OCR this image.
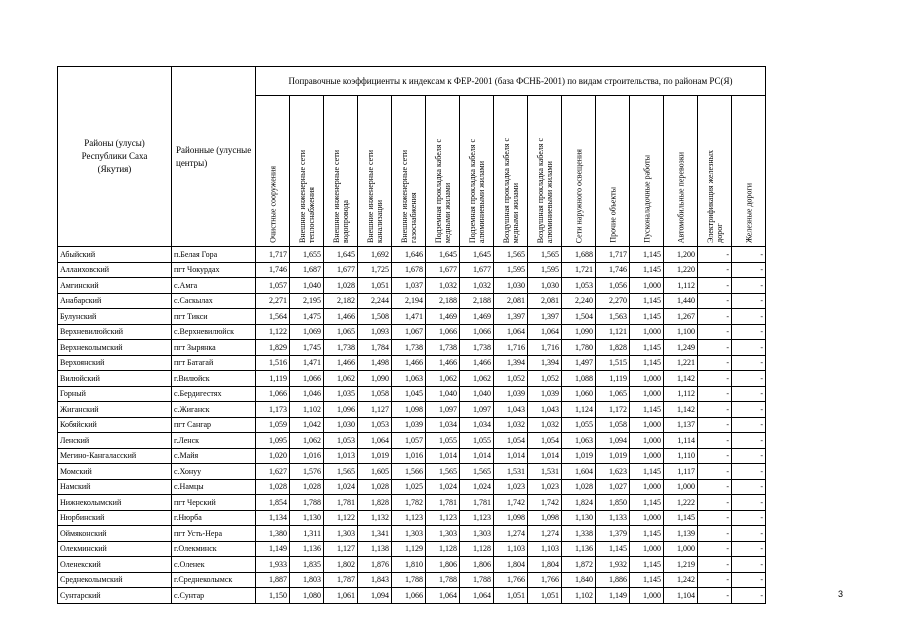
Районы (улусы)
Республики Саха
(Якутия)	Районные (улусные
центры)	Поправочные коэффициенты к индексам к ФЕР-2001 (база ФСНБ-2001) по видам строительства, по районам РС(Я)														

		Очистные сооружения	Внешние инженерные сети
теплоснабжения	Внешние инженерные сети
водопровода	Внешние инженерные сети
канализации	Внешние инженерные сети
газоснабжения	Подземная прокладка кабеля с
медными жилами	Подземная прокладка кабеля с
алюминиевыми жилами	Воздушная прокладка кабеля с
медными жилами	Воздушная прокладка кабеля с
алюминиевыми жилами	Сети наружного освещения	Прочие объекты	Пусконаладочные работы	Автомобильные перевозки	Электрификация железных
дорог	Железные дороги

Абыйский	п.Белая Гора	1,717	1,655	1,645	1,692	1,646	1,645	1,645	1,565	1,565	1,688	1,717	1,145	1,200	-	-
Аллаиховский	пгт Чокурдах	1,746	1,687	1,677	1,725	1,678	1,677	1,677	1,595	1,595	1,721	1,746	1,145	1,220	-	-
Амгинский	с.Амга	1,057	1,040	1,028	1,051	1,037	1,032	1,032	1,030	1,030	1,053	1,056	1,000	1,112	-	-
Анабарский	с.Саскылах	2,271	2,195	2,182	2,244	2,194	2,188	2,188	2,081	2,081	2,240	2,270	1,145	1,440	-	-
Булунский	пгт Тикси	1,564	1,475	1,466	1,508	1,471	1,469	1,469	1,397	1,397	1,504	1,563	1,145	1,267	-	-
Верхневилюйский	с.Верхневилюйск	1,122	1,069	1,065	1,093	1,067	1,066	1,066	1,064	1,064	1,090	1,121	1,000	1,100	-	-
Верхнеколымский	пгт Зырянка	1,829	1,745	1,738	1,784	1,738	1,738	1,738	1,716	1,716	1,780	1,828	1,145	1,249	-	-
Верхоянский	пгт Батагай	1,516	1,471	1,466	1,498	1,466	1,466	1,466	1,394	1,394	1,497	1,515	1,145	1,221	-	-
Вилюйский	г.Вилюйск	1,119	1,066	1,062	1,090	1,063	1,062	1,062	1,052	1,052	1,088	1,119	1,000	1,142	-	-
Горный	с.Бердигестях	1,066	1,046	1,035	1,058	1,045	1,040	1,040	1,039	1,039	1,060	1,065	1,000	1,112	-	-
Жиганский	с.Жиганск	1,173	1,102	1,096	1,127	1,098	1,097	1,097	1,043	1,043	1,124	1,172	1,145	1,142	-	-
Кобяйский	пгт Сангар	1,059	1,042	1,030	1,053	1,039	1,034	1,034	1,032	1,032	1,055	1,058	1,000	1,137	-	-
Ленский	г.Ленск	1,095	1,062	1,053	1,064	1,057	1,055	1,055	1,054	1,054	1,063	1,094	1,000	1,114	-	-
Мегино-Кангаласский	с.Майя	1,020	1,016	1,013	1,019	1,016	1,014	1,014	1,014	1,014	1,019	1,019	1,000	1,110	-	-
Момский	с.Хонуу	1,627	1,576	1,565	1,605	1,566	1,565	1,565	1,531	1,531	1,604	1,623	1,145	1,117	-	-
Намский	с.Намцы	1,028	1,028	1,024	1,028	1,025	1,024	1,024	1,023	1,023	1,028	1,027	1,000	1,000	-	-
Нижнеколымский	пгт Черский	1,854	1,788	1,781	1,828	1,782	1,781	1,781	1,742	1,742	1,824	1,850	1,145	1,222	-	-
Нюрбинский	г.Нюрба	1,134	1,130	1,122	1,132	1,123	1,123	1,123	1,098	1,098	1,130	1,133	1,000	1,145	-	-
Оймяконский	пгт Усть-Нера	1,380	1,311	1,303	1,341	1,303	1,303	1,303	1,274	1,274	1,338	1,379	1,145	1,139	-	-
Олекминский	г.Олекминск	1,149	1,136	1,127	1,138	1,129	1,128	1,128	1,103	1,103	1,136	1,145	1,000	1,000	-	-
Оленекский	с.Оленек	1,933	1,835	1,802	1,876	1,810	1,806	1,806	1,804	1,804	1,872	1,932	1,145	1,219	-	-
Среднеколымский	г.Среднеколымск	1,887	1,803	1,787	1,843	1,788	1,788	1,788	1,766	1,766	1,840	1,886	1,145	1,242	-	-
Сунтарский	с.Сунтар	1,150	1,080	1,061	1,094	1,066	1,064	1,064	1,051	1,051	1,102	1,149	1,000	1,104	-	-	3
